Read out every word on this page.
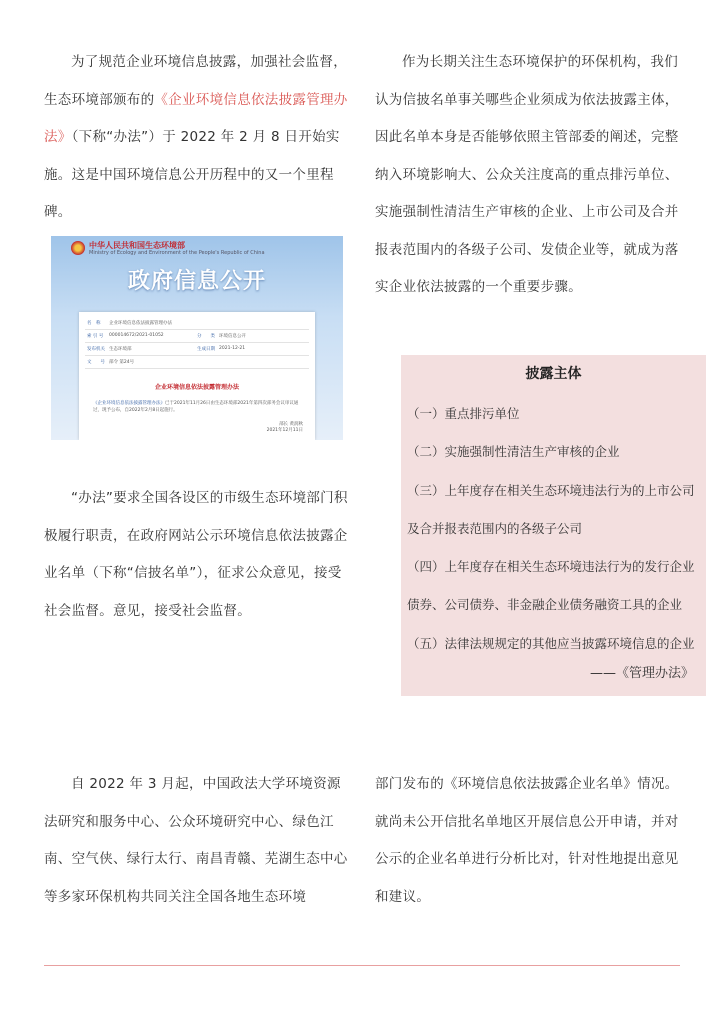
为了规范企业环境信息披露，加强社会监督，生态环境部颁布的《企业环境信息依法披露管理办法》（下称“办法”）于 2022 年 2 月 8 日开始实施。这是中国环境信息公开历程中的又一个里程碑。

中华人民共和国生态环境部
Ministry of Ecology and Environment of the People's Republic of China
政府信息公开
名　称 企业环境信息依法披露管理办法
索 引 号 000014672/2021-01052	分　　类 环境信息公开
发布机关 生态环境部	生成日期 2021-12-21
文　　号 部令 第24号
企业环境信息依法披露管理办法
《企业环境信息依法披露管理办法》已于2021年11月26日由生态环境部2021年第四次部务会议审议通过，现予公布，自2022年2月8日起施行。
部长 黄润秋
2021年12月11日

作为长期关注生态环境保护的环保机构，我们认为信披名单事关哪些企业须成为依法披露主体，因此名单本身是否能够依照主管部委的阐述，完整纳入环境影响大、公众关注度高的重点排污单位、实施强制性清洁生产审核的企业、上市公司及合并报表范围内的各级子公司、发债企业等，就成为落实企业依法披露的一个重要步骤。

披露主体

（一）重点排污单位

（二）实施强制性清洁生产审核的企业

（三）上年度存在相关生态环境违法行为的上市公司及合并报表范围内的各级子公司

（四）上年度存在相关生态环境违法行为的发行企业债券、公司债券、非金融企业债务融资工具的企业

（五）法律法规规定的其他应当披露环境信息的企业

——《管理办法》

“办法”要求全国各设区的市级生态环境部门积极履行职责，在政府网站公示环境信息依法披露企业名单（下称“信披名单”），征求公众意见，接受社会监督。意见，接受社会监督。

自 2022 年 3 月起，中国政法大学环境资源法研究和服务中心、公众环境研究中心、绿色江南、空气侠、绿行太行、南昌青赣、芜湖生态中心等多家环保机构共同关注全国各地生态环境

部门发布的《环境信息依法披露企业名单》情况。就尚未公开信批名单地区开展信息公开申请，并对公示的企业名单进行分析比对，针对性地提出意见和建议。
